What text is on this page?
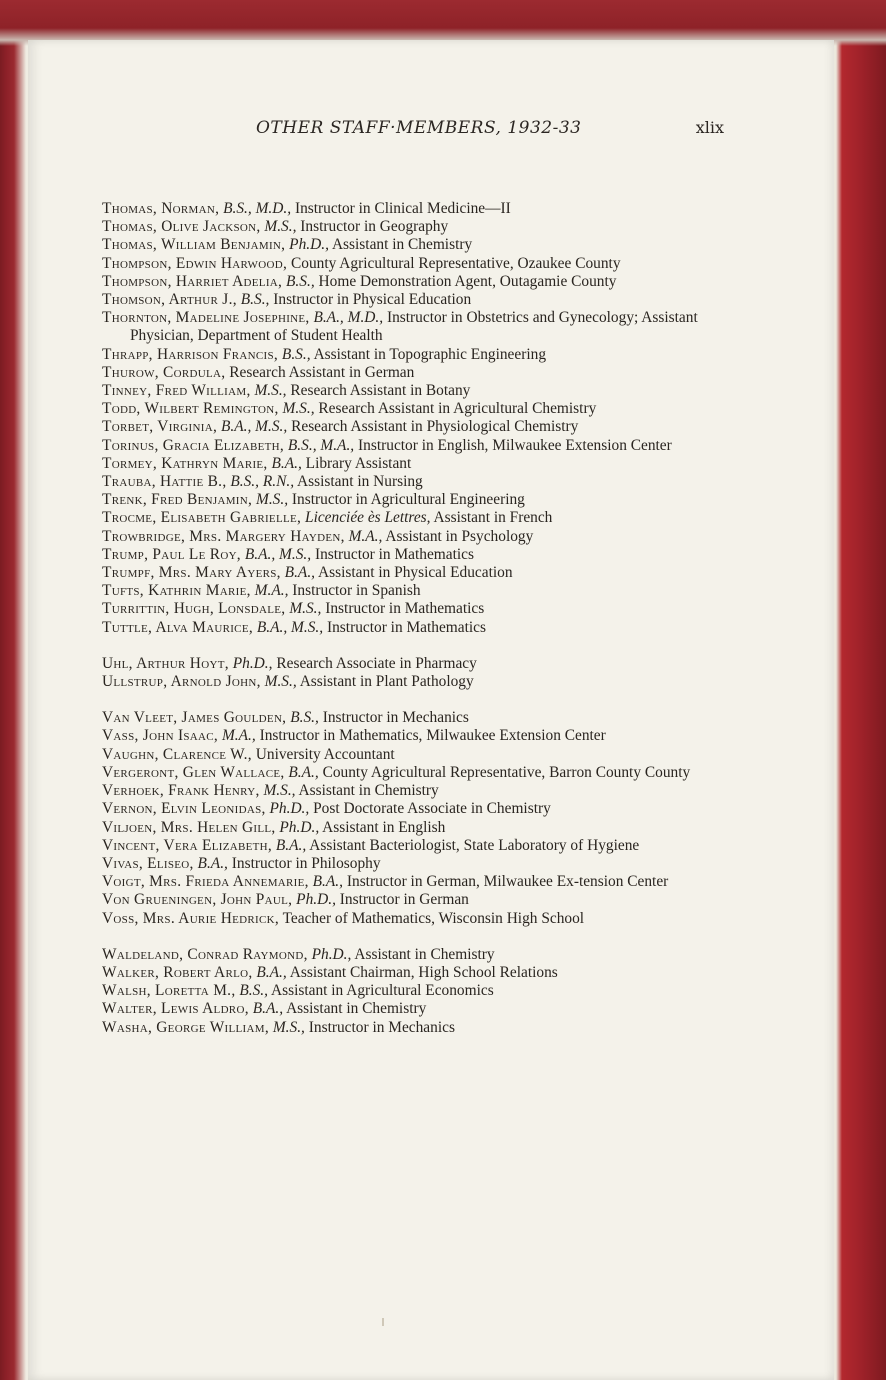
OTHER STAFF·MEMBERS, 1932-33	xlix
Thomas, Norman, B.S., M.D., Instructor in Clinical Medicine—II
Thomas, Olive Jackson, M.S., Instructor in Geography
Thomas, William Benjamin, Ph.D., Assistant in Chemistry
Thompson, Edwin Harwood, County Agricultural Representative, Ozaukee County
Thompson, Harriet Adelia, B.S., Home Demonstration Agent, Outagamie County
Thomson, Arthur J., B.S., Instructor in Physical Education
Thornton, Madeline Josephine, B.A., M.D., Instructor in Obstetrics and Gynecology; Assistant Physician, Department of Student Health
Thrapp, Harrison Francis, B.S., Assistant in Topographic Engineering
Thurow, Cordula, Research Assistant in German
Tinney, Fred William, M.S., Research Assistant in Botany
Todd, Wilbert Remington, M.S., Research Assistant in Agricultural Chemistry
Torbet, Virginia, B.A., M.S., Research Assistant in Physiological Chemistry
Torinus, Gracia Elizabeth, B.S., M.A., Instructor in English, Milwaukee Extension Center
Tormey, Kathryn Marie, B.A., Library Assistant
Trauba, Hattie B., B.S., R.N., Assistant in Nursing
Trenk, Fred Benjamin, M.S., Instructor in Agricultural Engineering
Trocme, Elisabeth Gabrielle, Licenciée ès Lettres, Assistant in French
Trowbridge, Mrs. Margery Hayden, M.A., Assistant in Psychology
Trump, Paul Le Roy, B.A., M.S., Instructor in Mathematics
Trumpf, Mrs. Mary Ayers, B.A., Assistant in Physical Education
Tufts, Kathrin Marie, M.A., Instructor in Spanish
Turrittin, Hugh, Lonsdale, M.S., Instructor in Mathematics
Tuttle, Alva Maurice, B.A., M.S., Instructor in Mathematics
Uhl, Arthur Hoyt, Ph.D., Research Associate in Pharmacy
Ullstrup, Arnold John, M.S., Assistant in Plant Pathology
Van Vleet, James Goulden, B.S., Instructor in Mechanics
Vass, John Isaac, M.A., Instructor in Mathematics, Milwaukee Extension Center
Vaughn, Clarence W., University Accountant
Vergeront, Glen Wallace, B.A., County Agricultural Representative, Barron County County
Verhoek, Frank Henry, M.S., Assistant in Chemistry
Vernon, Elvin Leonidas, Ph.D., Post Doctorate Associate in Chemistry
Viljoen, Mrs. Helen Gill, Ph.D., Assistant in English
Vincent, Vera Elizabeth, B.A., Assistant Bacteriologist, State Laboratory of Hygiene
Vivas, Eliseo, B.A., Instructor in Philosophy
Voigt, Mrs. Frieda Annemarie, B.A., Instructor in German, Milwaukee Ex-tension Center
Von Grueningen, John Paul, Ph.D., Instructor in German
Voss, Mrs. Aurie Hedrick, Teacher of Mathematics, Wisconsin High School
Waldeland, Conrad Raymond, Ph.D., Assistant in Chemistry
Walker, Robert Arlo, B.A., Assistant Chairman, High School Relations
Walsh, Loretta M., B.S., Assistant in Agricultural Economics
Walter, Lewis Aldro, B.A., Assistant in Chemistry
Washa, George William, M.S., Instructor in Mechanics
